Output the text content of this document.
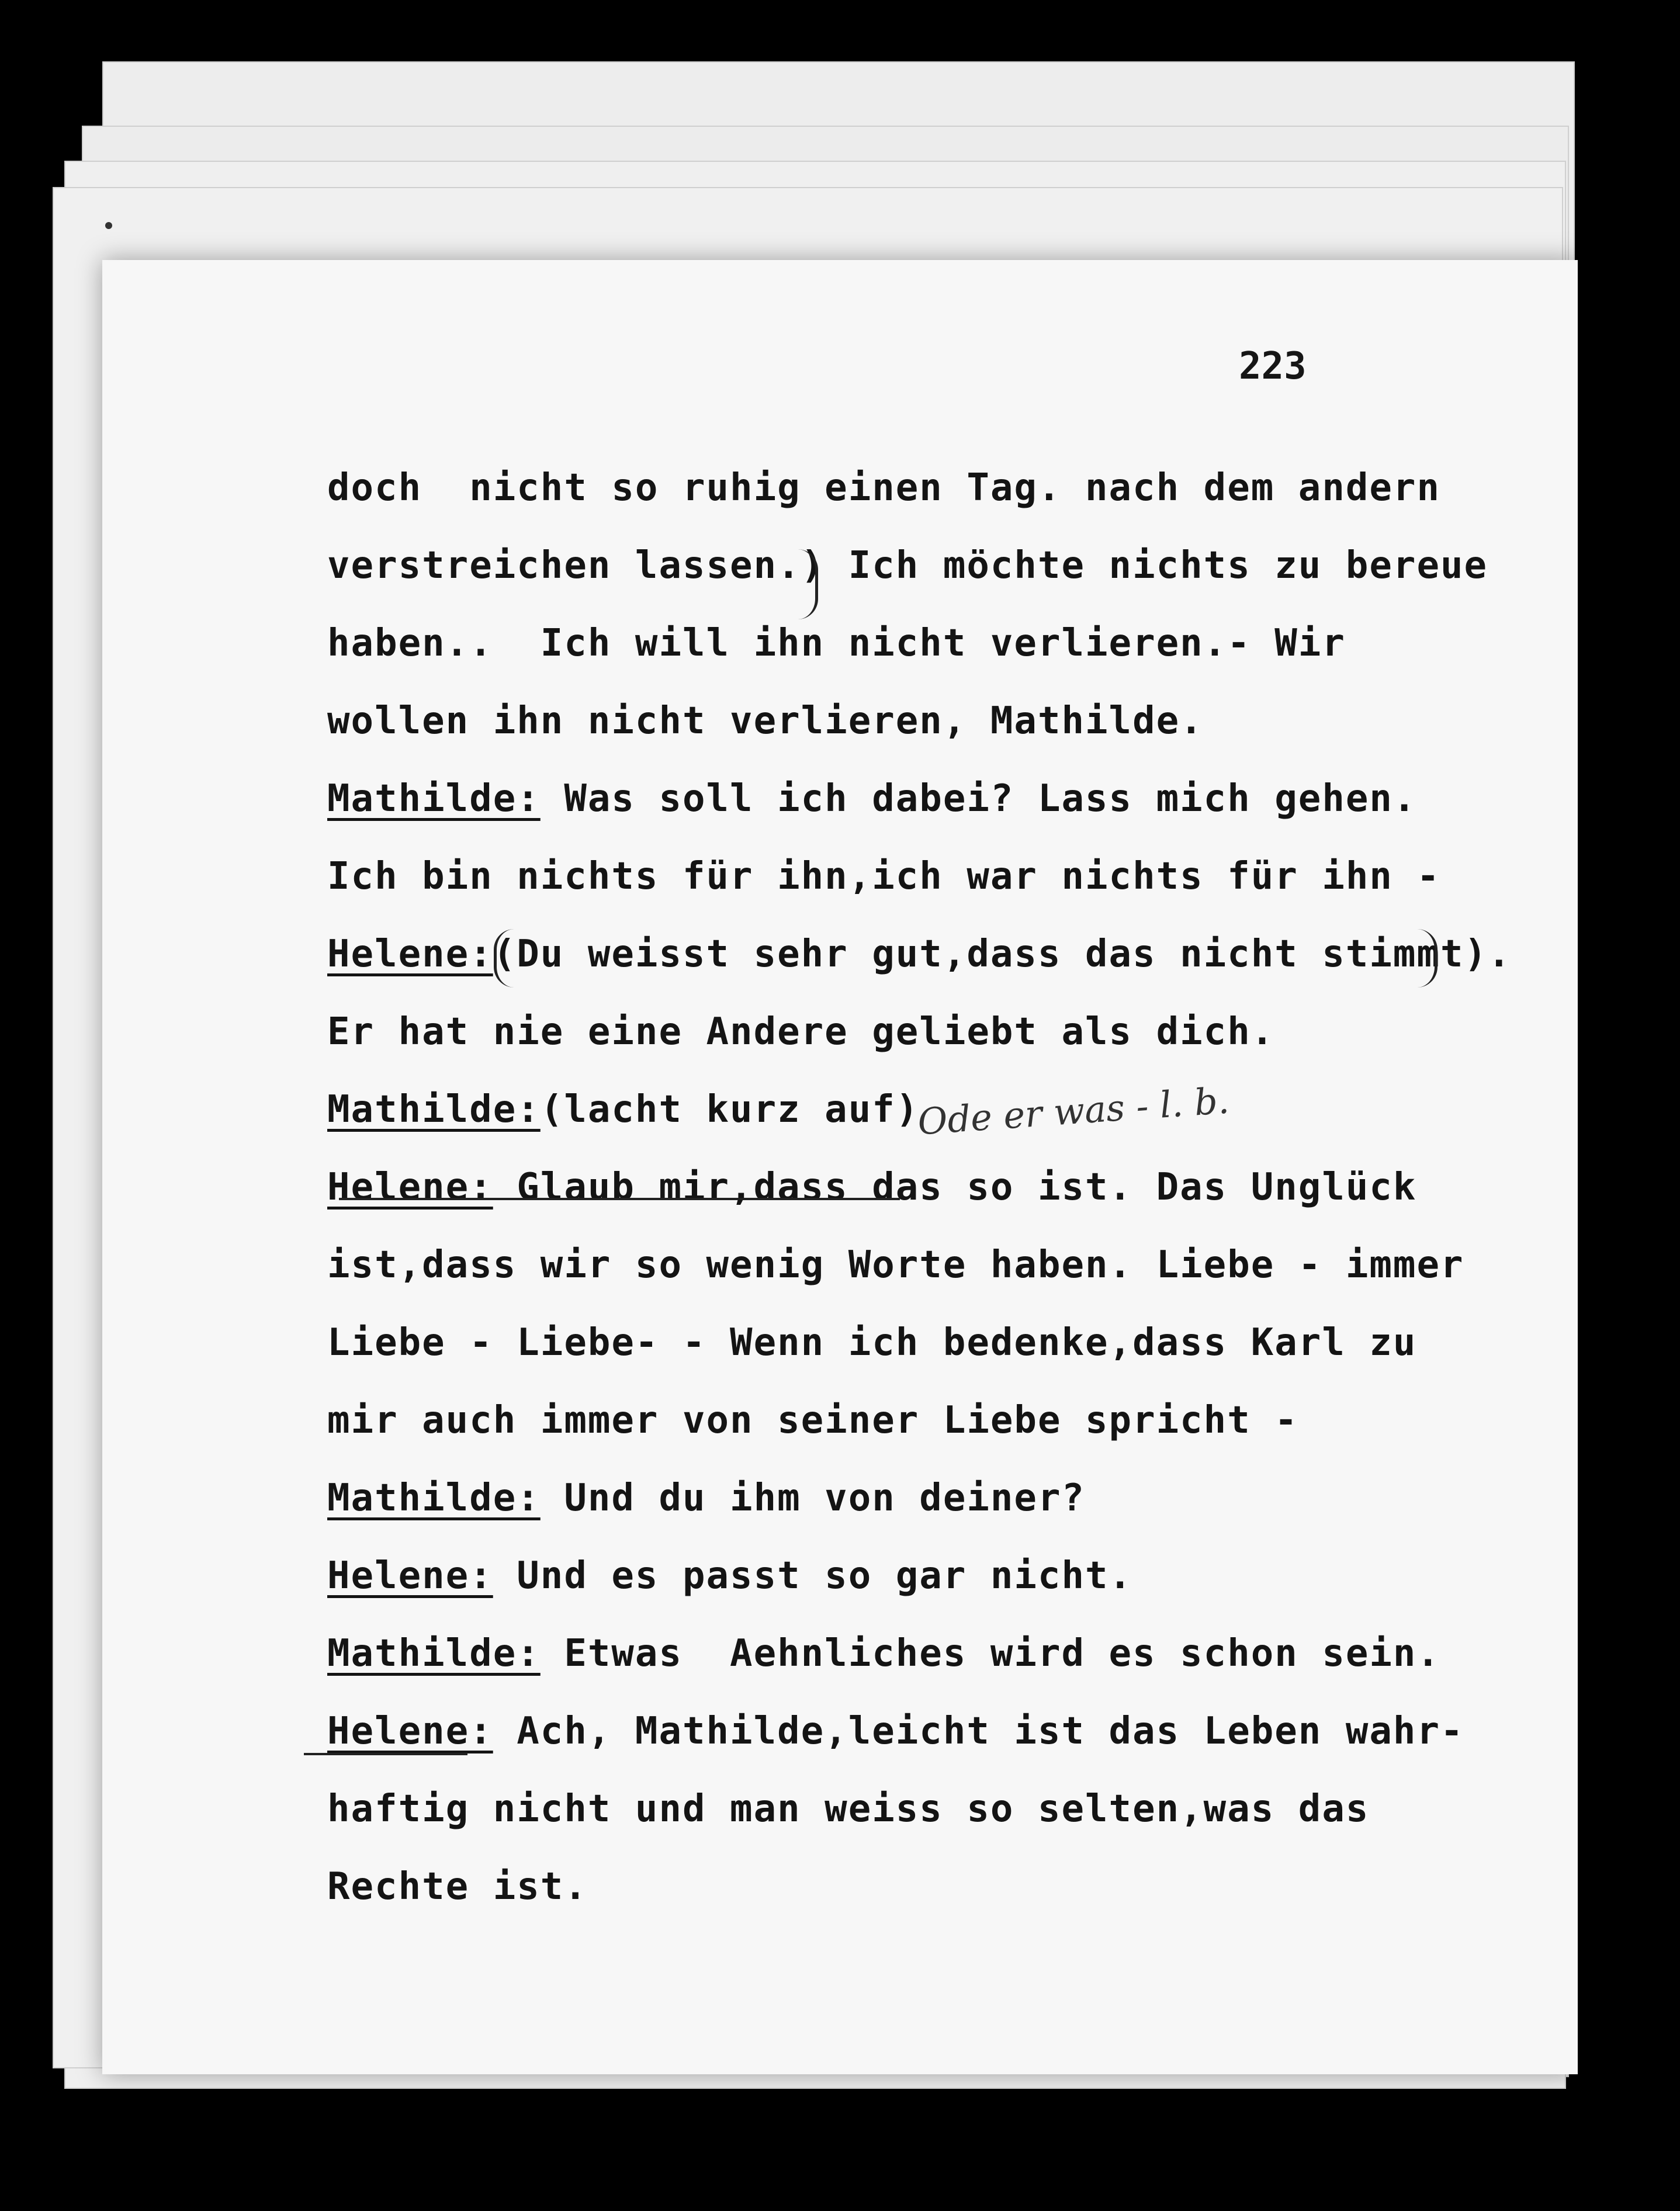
223
doch  nicht so ruhig einen Tag. nach dem andern
verstreichen lassen.) Ich möchte nichts zu bereue
haben..  Ich will ihn nicht verlieren.- Wir
wollen ihn nicht verlieren, Mathilde.
Mathilde: Was soll ich dabei? Lass mich gehen.
Ich bin nichts für ihn,ich war nichts für ihn -
Helene:(Du weisst sehr gut,dass das nicht stimmt).
Er hat nie eine Andere geliebt als dich.
Mathilde:(lacht kurz auf)
Helene: Glaub mir,dass das so ist. Das Unglück
ist,dass wir so wenig Worte haben. Liebe - immer
Liebe - Liebe- - Wenn ich bedenke,dass Karl zu
mir auch immer von seiner Liebe spricht -
Mathilde: Und du ihm von deiner?
Helene: Und es passt so gar nicht.
Mathilde: Etwas  Aehnliches wird es schon sein.
Helene: Ach, Mathilde,leicht ist das Leben wahr-
haftig nicht und man weiss so selten,was das
Rechte ist.
Ode er was - l. b.
